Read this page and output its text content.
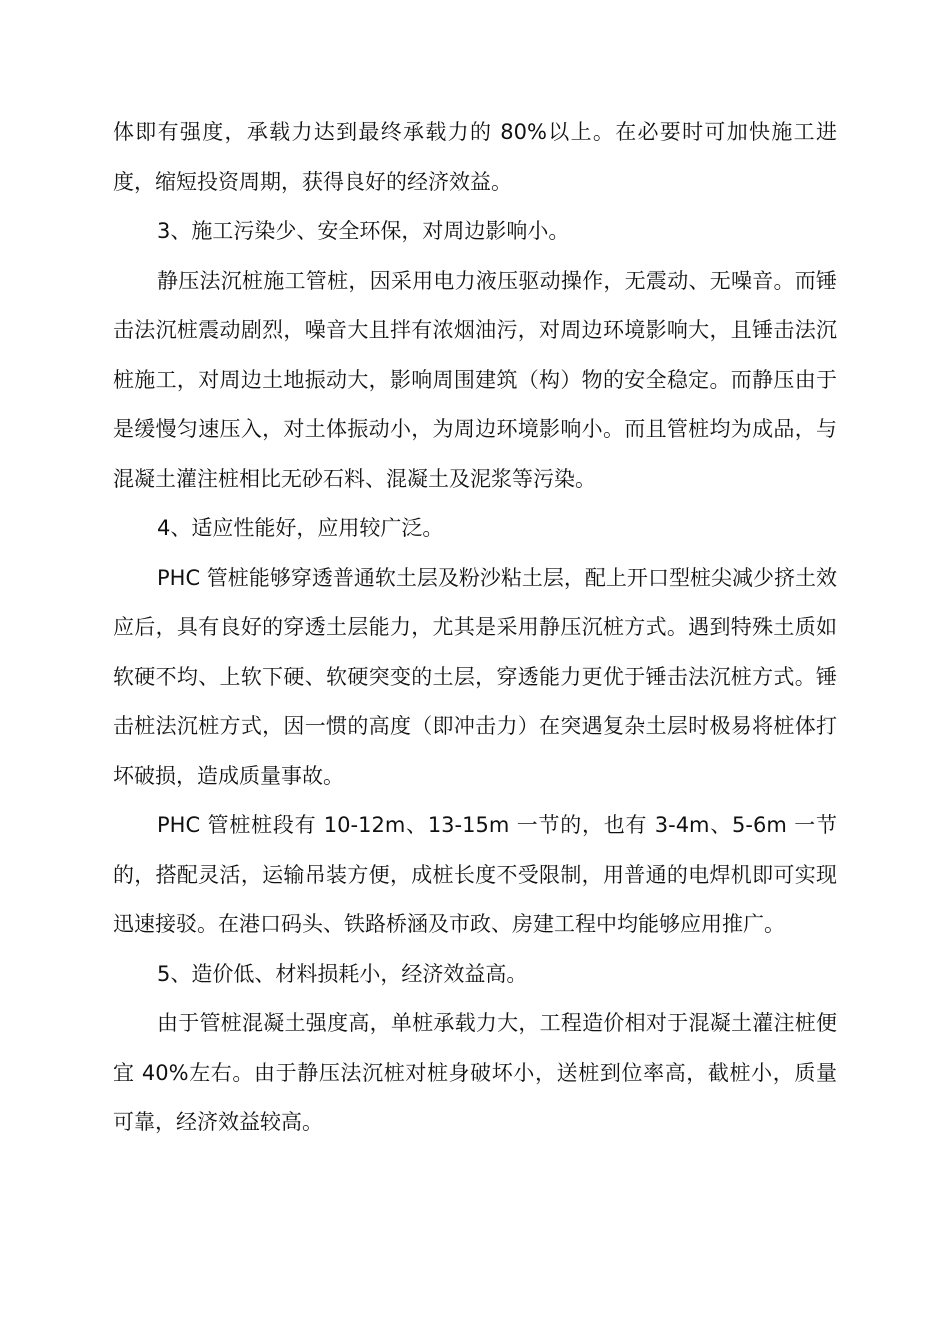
体即有强度，承载力达到最终承载力的 80%以上。在必要时可加快施工进度，缩短投资周期，获得良好的经济效益。

3、施工污染少、安全环保，对周边影响小。

静压法沉桩施工管桩，因采用电力液压驱动操作，无震动、无噪音。而锤击法沉桩震动剧烈，噪音大且拌有浓烟油污，对周边环境影响大，且锤击法沉桩施工，对周边土地振动大，影响周围建筑（构）物的安全稳定。而静压由于是缓慢匀速压入，对土体振动小，为周边环境影响小。而且管桩均为成品，与混凝土灌注桩相比无砂石料、混凝土及泥浆等污染。

4、适应性能好，应用较广泛。

PHC 管桩能够穿透普通软土层及粉沙粘土层，配上开口型桩尖减少挤土效应后，具有良好的穿透土层能力，尤其是采用静压沉桩方式。遇到特殊土质如软硬不均、上软下硬、软硬突变的土层，穿透能力更优于锤击法沉桩方式。锤击桩法沉桩方式，因一惯的高度（即冲击力）在突遇复杂土层时极易将桩体打坏破损，造成质量事故。

PHC 管桩桩段有 10-12m、13-15m 一节的，也有 3-4m、5-6m 一节的，搭配灵活，运输吊装方便，成桩长度不受限制，用普通的电焊机即可实现迅速接驳。在港口码头、铁路桥涵及市政、房建工程中均能够应用推广。

5、造价低、材料损耗小，经济效益高。

由于管桩混凝土强度高，单桩承载力大，工程造价相对于混凝土灌注桩便宜 40%左右。由于静压法沉桩对桩身破坏小，送桩到位率高，截桩小，质量可靠，经济效益较高。
